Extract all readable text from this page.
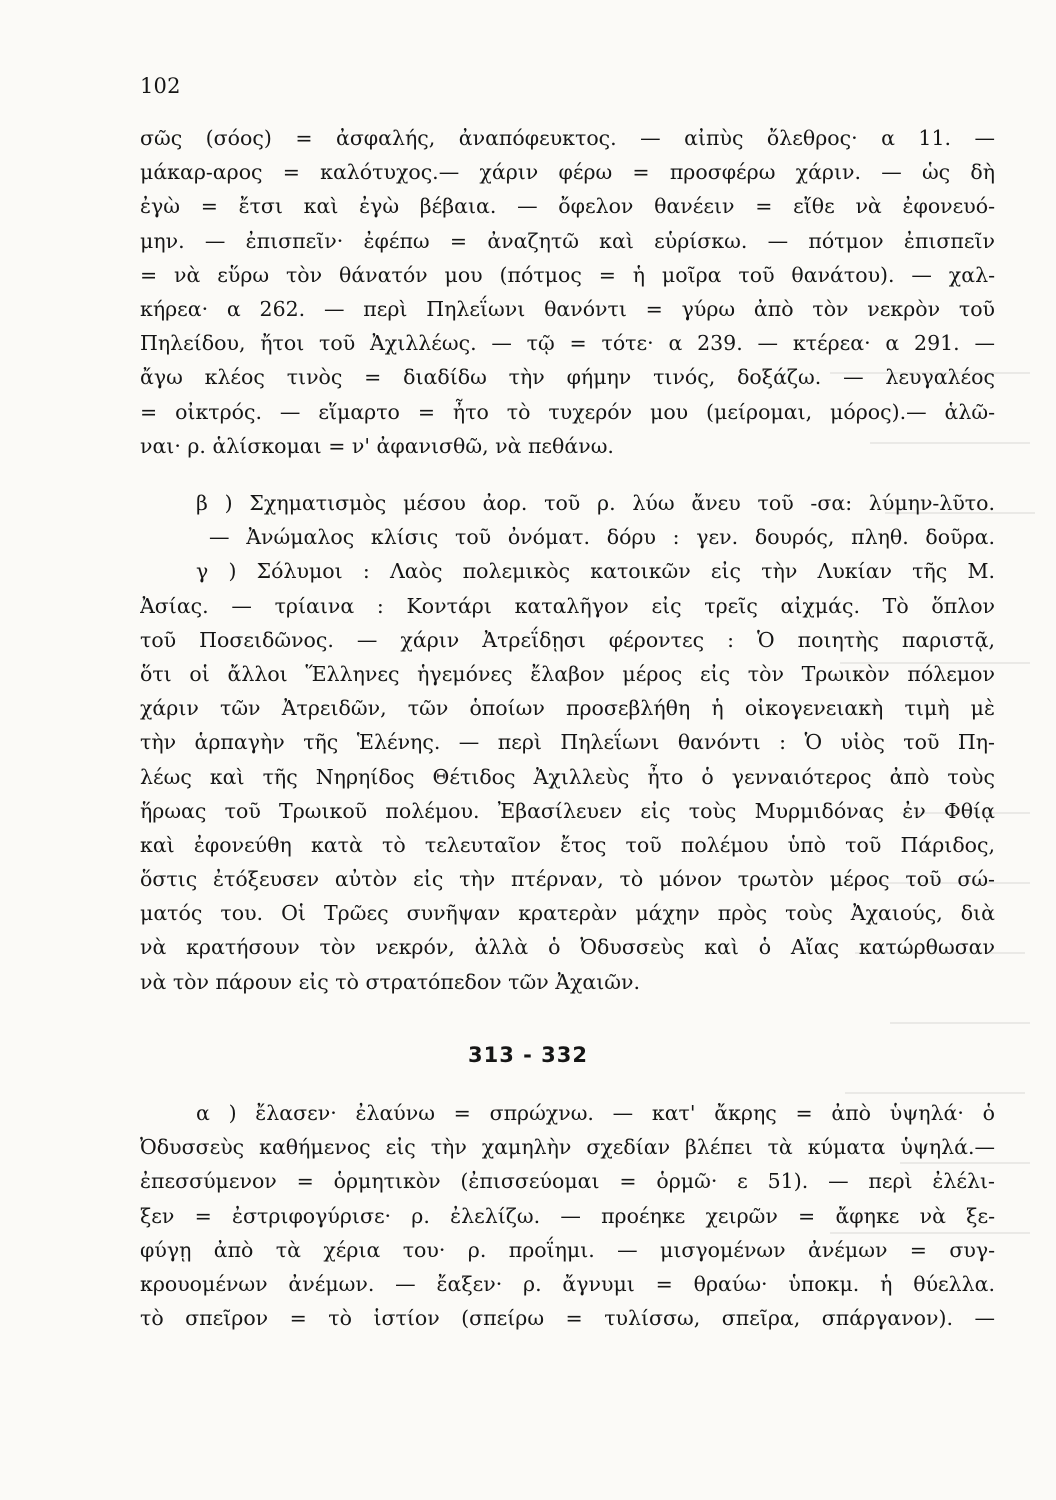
102
σῶς (σόος) = ἀσφαλής, ἀναπόφευκτος. — αἰπὺς ὄλεθρος· α 11. —
μάκαρ-αρος = καλότυχος.— χάριν φέρω = προσφέρω χάριν. — ὡς δὴ
ἐγὼ = ἔτσι καὶ ἐγὼ βέβαια. — ὄφελον θανέειν = εἴθε νὰ ἐφονευό-
μην. — ἐπισπεῖν· ἐφέπω = ἀναζητῶ καὶ εὑρίσκω. — πότμον ἐπισπεῖν
= νὰ εὕρω τὸν θάνατόν μου (πότμος = ἡ μοῖρα τοῦ θανάτου). — χαλ-
κήρεα· α 262. — περὶ Πηλεΐωνι θανόντι = γύρω ἀπὸ τὸν νεκρὸν τοῦ
Πηλείδου, ἤτοι τοῦ Ἀχιλλέως. — τῷ = τότε· α 239. — κτέρεα· α 291. —
ἄγω κλέος τινὸς = διαδίδω τὴν φήμην τινός, δοξάζω. — λευγαλέος
= οἰκτρός. — εἵμαρτο = ἦτο τὸ τυχερόν μου (μείρομαι, μόρος).— ἁλῶ-
ναι· ρ. ἁλίσκομαι = ν' ἀφανισθῶ, νὰ πεθάνω.
β ) Σχηματισμὸς μέσου ἀορ. τοῦ ρ. λύω ἄνευ τοῦ -σα: λύμην-λῦτο.
— Ἀνώμαλος κλίσις τοῦ ὀνόματ. δόρυ : γεν. δουρός, πληθ. δοῦρα.
γ ) Σόλυμοι : Λαὸς πολεμικὸς κατοικῶν εἰς τὴν Λυκίαν τῆς Μ.
Ἀσίας. — τρίαινα : Κοντάρι καταλῆγον εἰς τρεῖς αἰχμάς. Τὸ ὅπλον
τοῦ Ποσειδῶνος. — χάριν Ἀτρεΐδῃσι φέροντες : Ὁ ποιητὴς παριστᾷ,
ὅτι οἱ ἄλλοι Ἕλληνες ἡγεμόνες ἔλαβον μέρος εἰς τὸν Τρωικὸν πόλεμον
χάριν τῶν Ἀτρειδῶν, τῶν ὁποίων προσεβλήθη ἡ οἰκογενειακὴ τιμὴ μὲ
τὴν ἁρπαγὴν τῆς Ἑλένης. — περὶ Πηλεΐωνι θανόντι : Ὁ υἱὸς τοῦ Πη-
λέως καὶ τῆς Νηρηίδος Θέτιδος Ἀχιλλεὺς ἦτο ὁ γενναιότερος ἀπὸ τοὺς
ἥρωας τοῦ Τρωικοῦ πολέμου. Ἐβασίλευεν εἰς τοὺς Μυρμιδόνας ἐν Φθίᾳ
καὶ ἐφονεύθη κατὰ τὸ τελευταῖον ἔτος τοῦ πολέμου ὑπὸ τοῦ Πάριδος,
ὅστις ἐτόξευσεν αὐτὸν εἰς τὴν πτέρναν, τὸ μόνον τρωτὸν μέρος τοῦ σώ-
ματός του. Οἱ Τρῶες συνῆψαν κρατερὰν μάχην πρὸς τοὺς Ἀχαιούς, διὰ
νὰ κρατήσουν τὸν νεκρόν, ἀλλὰ ὁ Ὀδυσσεὺς καὶ ὁ Αἴας κατώρθωσαν
νὰ τὸν πάρουν εἰς τὸ στρατόπεδον τῶν Ἀχαιῶν.
313 - 332
α ) ἔλασεν· ἐλαύνω = σπρώχνω. — κατ' ἄκρης = ἀπὸ ὑψηλά· ὁ
Ὀδυσσεὺς καθήμενος εἰς τὴν χαμηλὴν σχεδίαν βλέπει τὰ κύματα ὑψηλά.—
ἐπεσσύμενον = ὁρμητικὸν (ἐπισσεύομαι = ὁρμῶ· ε 51). — περὶ ἐλέλι-
ξεν = ἐστριφογύρισε· ρ. ἐλελίζω. — προέηκε χειρῶν = ἄφηκε νὰ ξε-
φύγῃ ἀπὸ τὰ χέρια του· ρ. προΐημι. — μισγομένων ἀνέμων = συγ-
κρουομένων ἀνέμων. — ἔαξεν· ρ. ἄγνυμι = θραύω· ὑποκμ. ἡ θύελλα.
τὸ σπεῖρον = τὸ ἱστίον (σπείρω = τυλίσσω, σπεῖρα, σπάργανον). —
